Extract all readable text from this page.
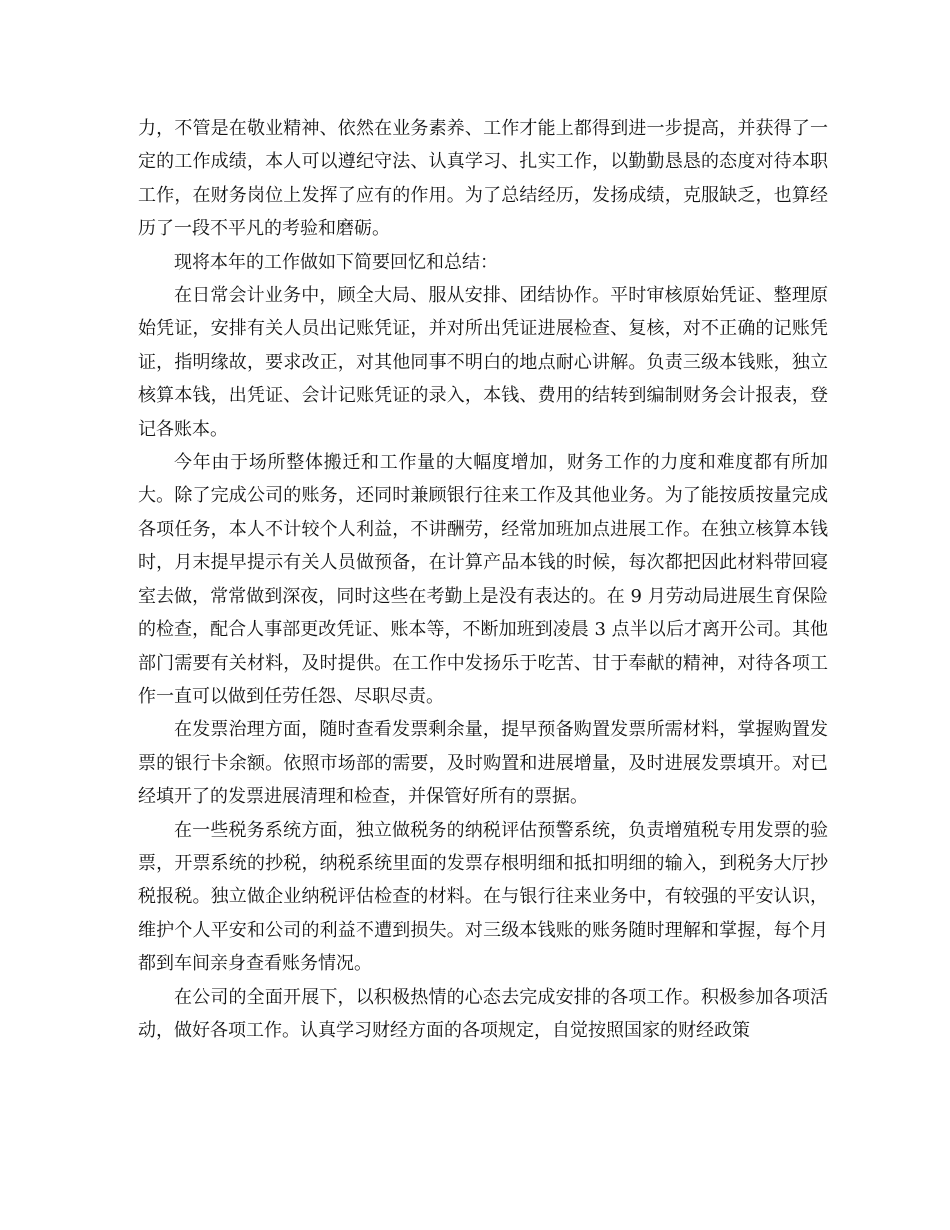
力，不管是在敬业精神、依然在业务素养、工作才能上都得到进一步提高，并获得了一定的工作成绩，本人可以遵纪守法、认真学习、扎实工作，以勤勤恳恳的态度对待本职工作，在财务岗位上发挥了应有的作用。为了总结经历，发扬成绩，克服缺乏，也算经历了一段不平凡的考验和磨砺。

现将本年的工作做如下简要回忆和总结：

在日常会计业务中，顾全大局、服从安排、团结协作。平时审核原始凭证、整理原始凭证，安排有关人员出记账凭证，并对所出凭证进展检查、复核，对不正确的记账凭证，指明缘故，要求改正，对其他同事不明白的地点耐心讲解。负责三级本钱账，独立核算本钱，出凭证、会计记账凭证的录入，本钱、费用的结转到编制财务会计报表，登记各账本。

今年由于场所整体搬迁和工作量的大幅度增加，财务工作的力度和难度都有所加大。除了完成公司的账务，还同时兼顾银行往来工作及其他业务。为了能按质按量完成各项任务，本人不计较个人利益，不讲酬劳，经常加班加点进展工作。在独立核算本钱时，月末提早提示有关人员做预备，在计算产品本钱的时候，每次都把因此材料带回寝室去做，常常做到深夜，同时这些在考勤上是没有表达的。在 9 月劳动局进展生育保险的检查，配合人事部更改凭证、账本等，不断加班到凌晨 3 点半以后才离开公司。其他部门需要有关材料，及时提供。在工作中发扬乐于吃苦、甘于奉献的精神，对待各项工作一直可以做到任劳任怨、尽职尽责。

在发票治理方面，随时查看发票剩余量，提早预备购置发票所需材料，掌握购置发票的银行卡余额。依照市场部的需要，及时购置和进展增量，及时进展发票填开。对已经填开了的发票进展清理和检查，并保管好所有的票据。

在一些税务系统方面，独立做税务的纳税评估预警系统，负责增殖税专用发票的验票，开票系统的抄税，纳税系统里面的发票存根明细和抵扣明细的输入，到税务大厅抄税报税。独立做企业纳税评估检查的材料。在与银行往来业务中，有较强的平安认识，维护个人平安和公司的利益不遭到损失。对三级本钱账的账务随时理解和掌握，每个月都到车间亲身查看账务情况。

在公司的全面开展下，以积极热情的心态去完成安排的各项工作。积极参加各项活动，做好各项工作。认真学习财经方面的各项规定，自觉按照国家的财经政策
